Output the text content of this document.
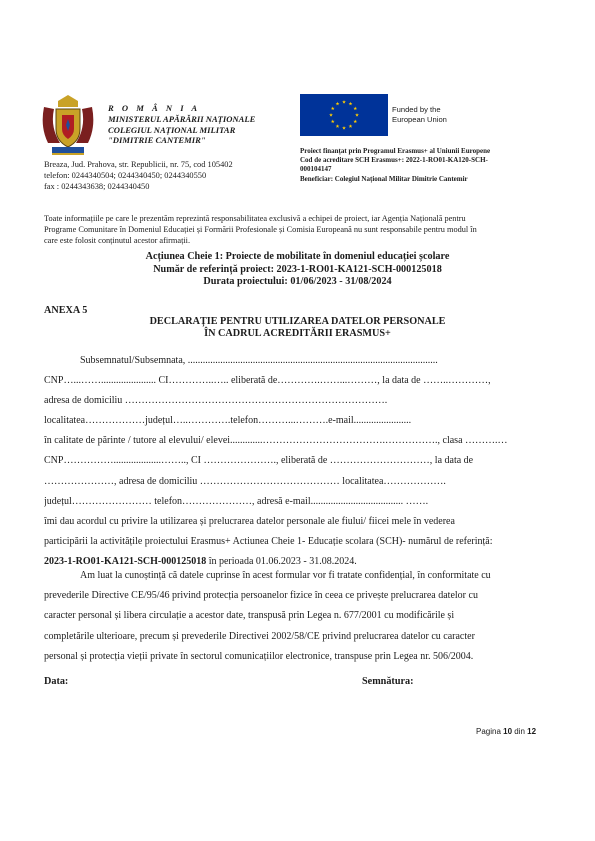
R O M Â N I A
MINISTERUL APĂRĂRII NAȚIONALE
COLEGIUL NAȚIONAL MILITAR
"DIMITRIE CANTEMIR"
Breaza, Jud. Prahova, str. Republicii, nr. 75, cod 105402
telefon: 0244340504; 0244340450; 0244340550
fax : 0244343638; 0244340450
Funded by the
European Union
Proiect finanțat prin Programul Erasmus+ al Uniunii Europene
Cod de acreditare SCH Erasmus+: 2022-1-RO01-KA120-SCH-
000104147
Beneficiar: Colegiul Național Militar Dimitrie Cantemir
Toate informațiile pe care le prezentăm reprezintă responsabilitatea exclusivă a echipei de proiect, iar Agenția Națională pentru
Programe Comunitare în Domeniul Educației și Formării Profesionale și Comisia Europeană nu sunt responsabile pentru modul în
care este folosit conținutul acestor afirmații.
Acțiunea Cheie 1: Proiecte de mobilitate în domeniul educației școlare
Număr de referință proiect: 2023-1-RO01-KA121-SCH-000125018
Durata proiectului: 01/06/2023 - 31/08/2024
ANEXA 5
DECLARAȚIE PENTRU UTILIZAREA DATELOR PERSONALE
ÎN CADRUL ACREDITĂRII ERASMUS+
Subsemnatul/Subsemnata, ....................................................................................................
CNP…...……...................... CI…………..….. eliberată de………….……...………, la data de ……..…………,
adresa de domiciliu …………………………………………………………………….
localitatea………………județul…..………….telefon………...……….e-mail.......................
în calitate de părinte / tutore al elevului/ elevei.............……………………………….……………., clasa ……….…
CNP……………...................…….., CI …………………., eliberată de …………………………, la data de
…………………, adresa de domiciliu …………………………………… localitatea……………….
județul…………………… telefon…………………, adresă e-mail..................................... …….
îmi dau acordul cu privire la utilizarea și prelucrarea datelor personale ale fiului/ fiicei mele în vederea
participării la activitățile proiectului Erasmus+ Actiunea Cheie 1- Educație scolara (SCH)- numărul de referință:
2023-1-RO01-KA121-SCH-000125018 în perioada 01.06.2023 - 31.08.2024.
Am luat la cunoștință că datele cuprinse în acest formular vor fi tratate confidențial, în conformitate cu
prevederile Directive CE/95/46 privind protecția persoanelor fizice în ceea ce privește prelucrarea datelor cu
caracter personal și libera circulație a acestor date, transpusă prin Legea n. 677/2001 cu modificările și
completările ulterioare, precum și prevederile Directivei 2002/58/CE privind prelucrarea datelor cu caracter
personal și protecția vieții private în sectorul comunicațiilor electronice, transpuse prin Legea nr. 506/2004.
Data:	Semnătura:
Pagina 10 din 12
